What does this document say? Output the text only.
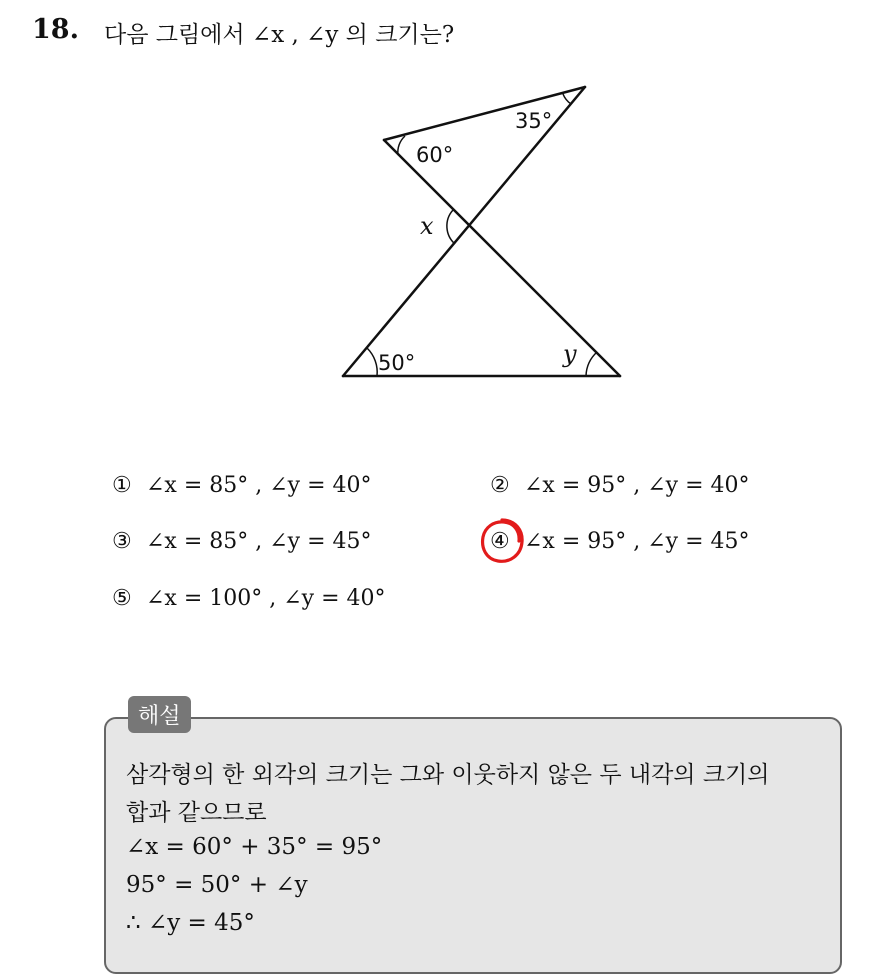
18. 다음 그림에서 ∠x , ∠y 의 크기는?
60°
35°
50°
x
y
① ∠x = 85° , ∠y = 40°	② ∠x = 95° , ∠y = 40°
③ ∠x = 85° , ∠y = 45°	④ ∠x = 95° , ∠y = 45°
⑤ ∠x = 100° , ∠y = 40°
해설
삼각형의 한 외각의 크기는 그와 이웃하지 않은 두 내각의 크기의
합과 같으므로
∠x = 60° + 35° = 95°
95° = 50° + ∠y
∴ ∠y = 45°
